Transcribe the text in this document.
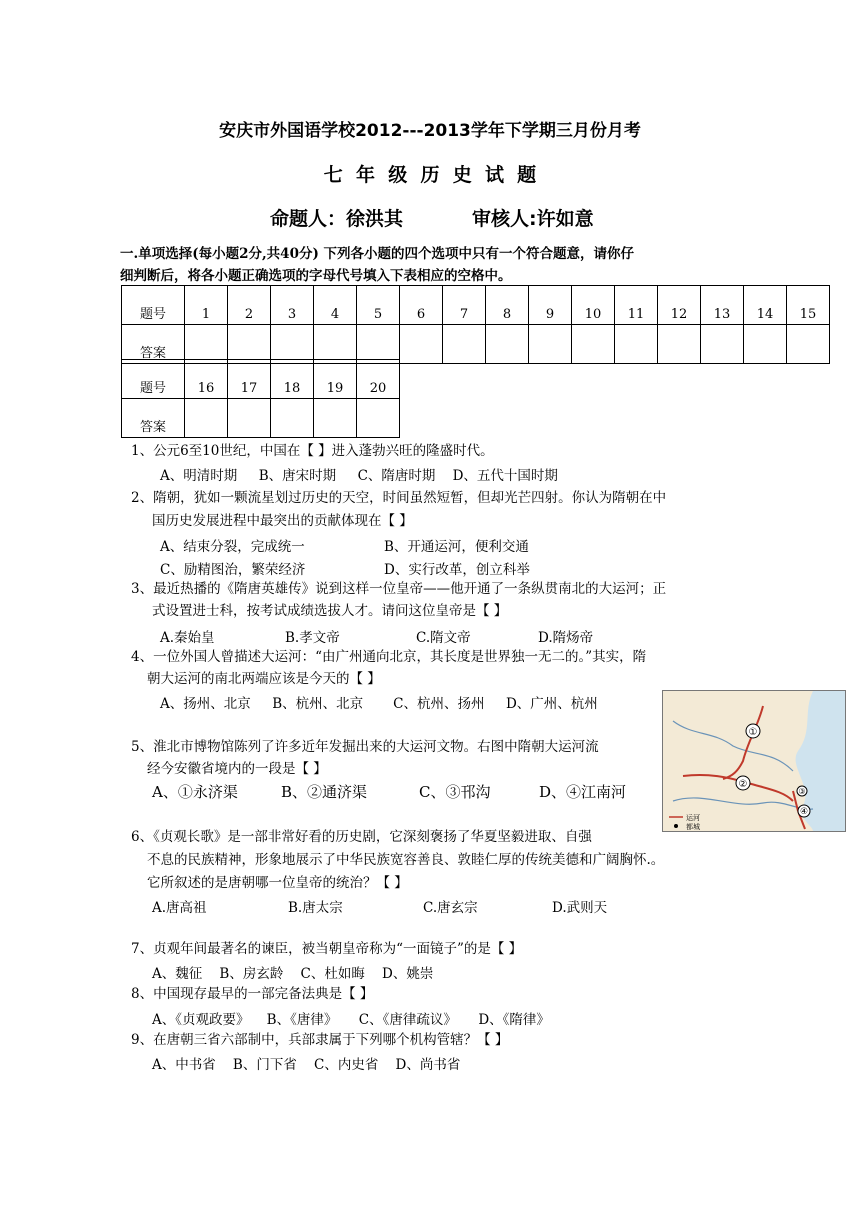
安庆市外国语学校2012---2013学年下学期三月份月考
七  年  级  历  史  试  题
命题人：徐洪其	审核人:许如意
一.单项选择(每小题2分,共40分) 下列各小题的四个选项中只有一个符合题意，请你仔
细判断后，将各小题正确选项的字母代号填入下表相应的空格中。
题号	1	2	3	4	5	6	7	8	9	10	11	12	13	14	15
答案															
题号	16	17	18	19	20
答案					
1、公元6至10世纪，中国在【 】进入蓬勃兴旺的隆盛时代。
A、明清时期     B、唐宋时期     C、隋唐时期    D、五代十国时期
2、隋朝，犹如一颗流星划过历史的天空，时间虽然短暂，但却光芒四射。你认为隋朝在中
国历史发展进程中最突出的贡献体现在【 】
A、结束分裂，完成统一	B、开通运河，便利交通
C、励精图治，繁荣经济	D、实行改革，创立科举
3、最近热播的《隋唐英雄传》说到这样一位皇帝——他开通了一条纵贯南北的大运河；正
式设置进士科，按考试成绩选拔人才。请问这位皇帝是【 】
A.秦始皇	B.孝文帝	C.隋文帝	D.隋炀帝
4、一位外国人曾描述大运河：“由广州通向北京，其长度是世界独一无二的。”其实，隋
朝大运河的南北两端应该是今天的【 】
A、扬州、北京     B、杭州、北京       C、杭州、扬州     D、广州、杭州
5、淮北市博物馆陈列了许多近年发掘出来的大运河文物。右图中隋朝大运河流
经今安徽省境内的一段是【 】
A、①永济渠	B、②通济渠	C、③邗沟	D、④江南河
①
②
③
④
运河
都城
6、《贞观长歌》是一部非常好看的历史剧，它深刻褒扬了华夏坚毅进取、自强
不息的民族精神，形象地展示了中华民族宽容善良、敦睦仁厚的传统美德和广阔胸怀.。
它所叙述的是唐朝哪一位皇帝的统治？【 】
A.唐高祖	B.唐太宗	C.唐玄宗	D.武则天
7、贞观年间最著名的谏臣，被当朝皇帝称为“一面镜子”的是【 】
A、魏征    B、房玄龄    C、杜如晦    D、姚崇
8、中国现存最早的一部完备法典是【 】
A、《贞观政要》    B、《唐律》     C、《唐律疏议》     D、《隋律》
9、在唐朝三省六部制中，兵部隶属于下列哪个机构管辖？【 】
A、中书省    B、门下省    C、内史省    D、尚书省
